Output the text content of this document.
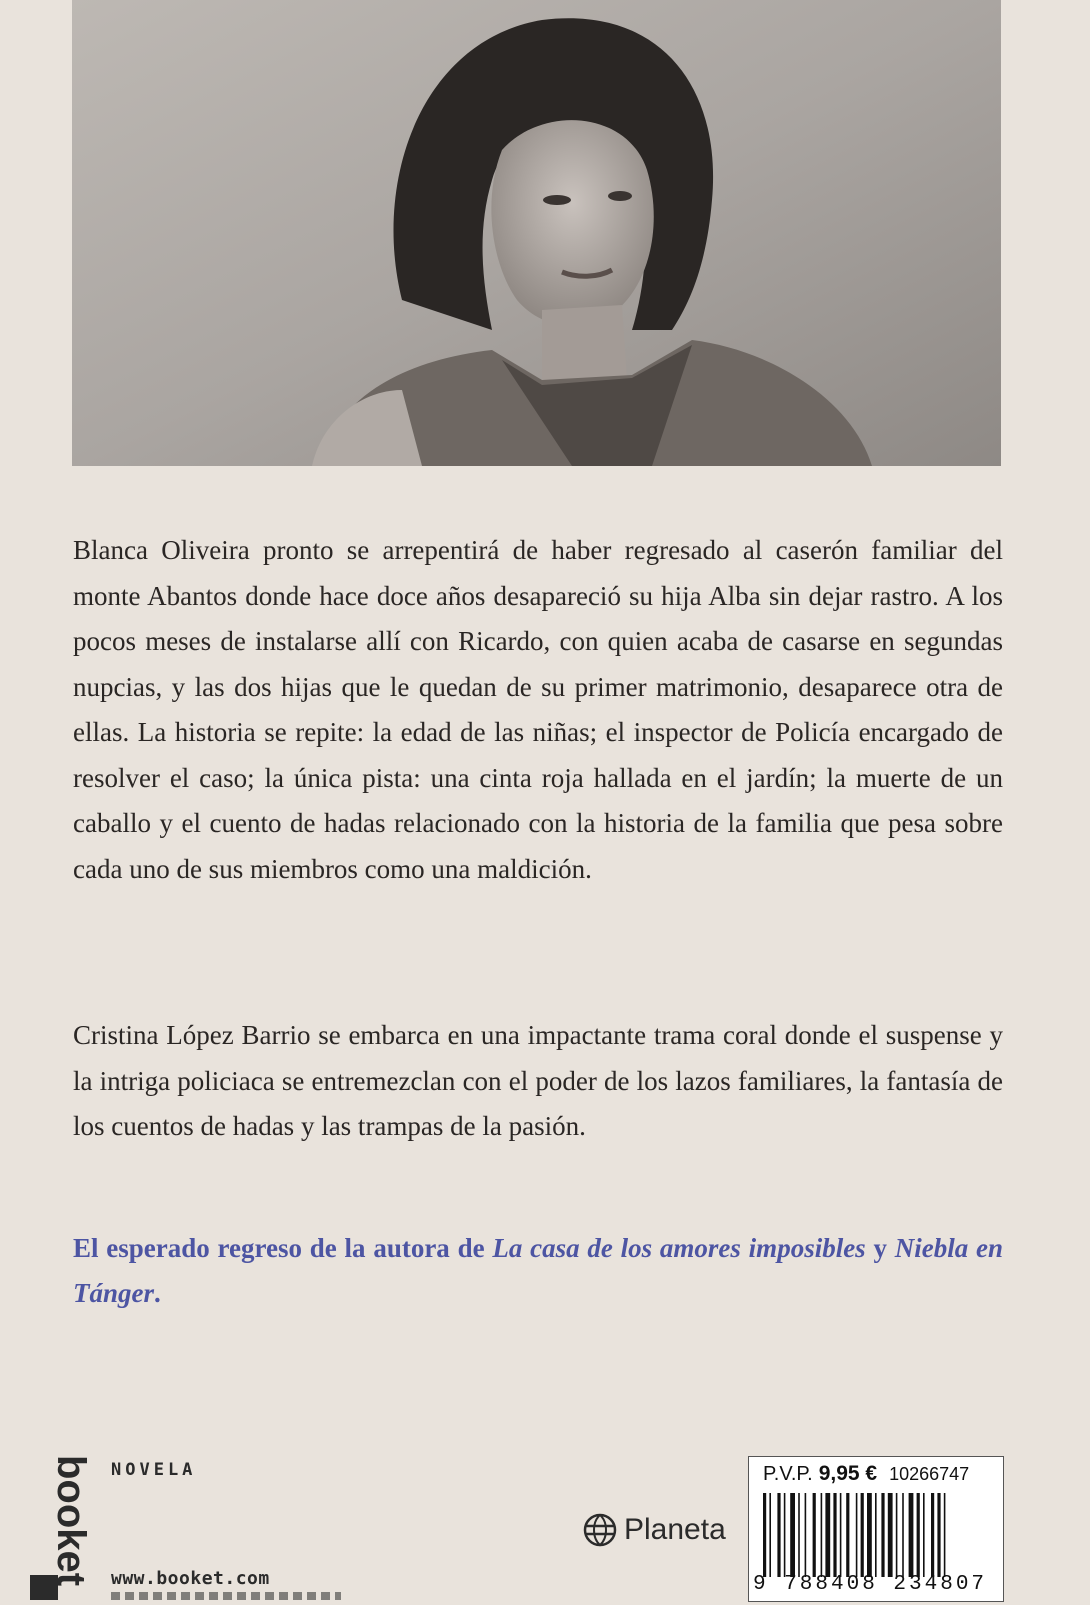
Blanca Oliveira pronto se arrepentirá de haber regresado al caserón familiar del monte Abantos donde hace doce años desapareció su hija Alba sin dejar rastro. A los pocos meses de instalarse allí con Ricardo, con quien acaba de casarse en segundas nupcias, y las dos hijas que le quedan de su primer matrimonio, desaparece otra de ellas. La historia se repite: la edad de las niñas; el inspector de Policía encargado de resolver el caso; la única pista: una cinta roja hallada en el jardín; la muerte de un caballo y el cuento de hadas relacionado con la historia de la familia que pesa sobre cada uno de sus miembros como una maldición.

Cristina López Barrio se embarca en una impactante trama coral donde el suspense y la intriga policiaca se entremezclan con el poder de los lazos familiares, la fantasía de los cuentos de hadas y las trampas de la pasión.

El esperado regreso de la autora de La casa de los amores imposibles y Niebla en Tánger.

booket NOVELA
www.booket.com
Planeta
P.V.P. 9,95 € 10266747
9 788408 234807
